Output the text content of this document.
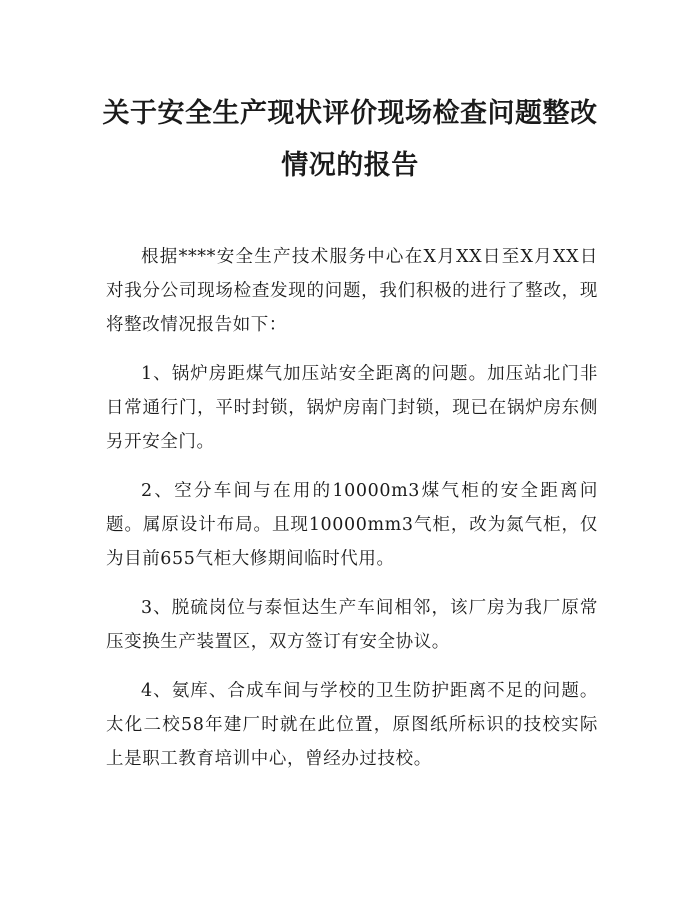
关于安全生产现状评价现场检查问题整改情况的报告

根据****安全生产技术服务中心在X月XX日至X月XX日对我分公司现场检查发现的问题，我们积极的进行了整改，现将整改情况报告如下：

1、锅炉房距煤气加压站安全距离的问题。加压站北门非日常通行门，平时封锁，锅炉房南门封锁，现已在锅炉房东侧另开安全门。

2、空分车间与在用的10000m3煤气柜的安全距离问题。属原设计布局。且现10000mm3气柜，改为氮气柜，仅为目前655气柜大修期间临时代用。

3、脱硫岗位与泰恒达生产车间相邻，该厂房为我厂原常压变换生产装置区，双方签订有安全协议。

4、氨库、合成车间与学校的卫生防护距离不足的问题。太化二校58年建厂时就在此位置，原图纸所标识的技校实际上是职工教育培训中心，曾经办过技校。
